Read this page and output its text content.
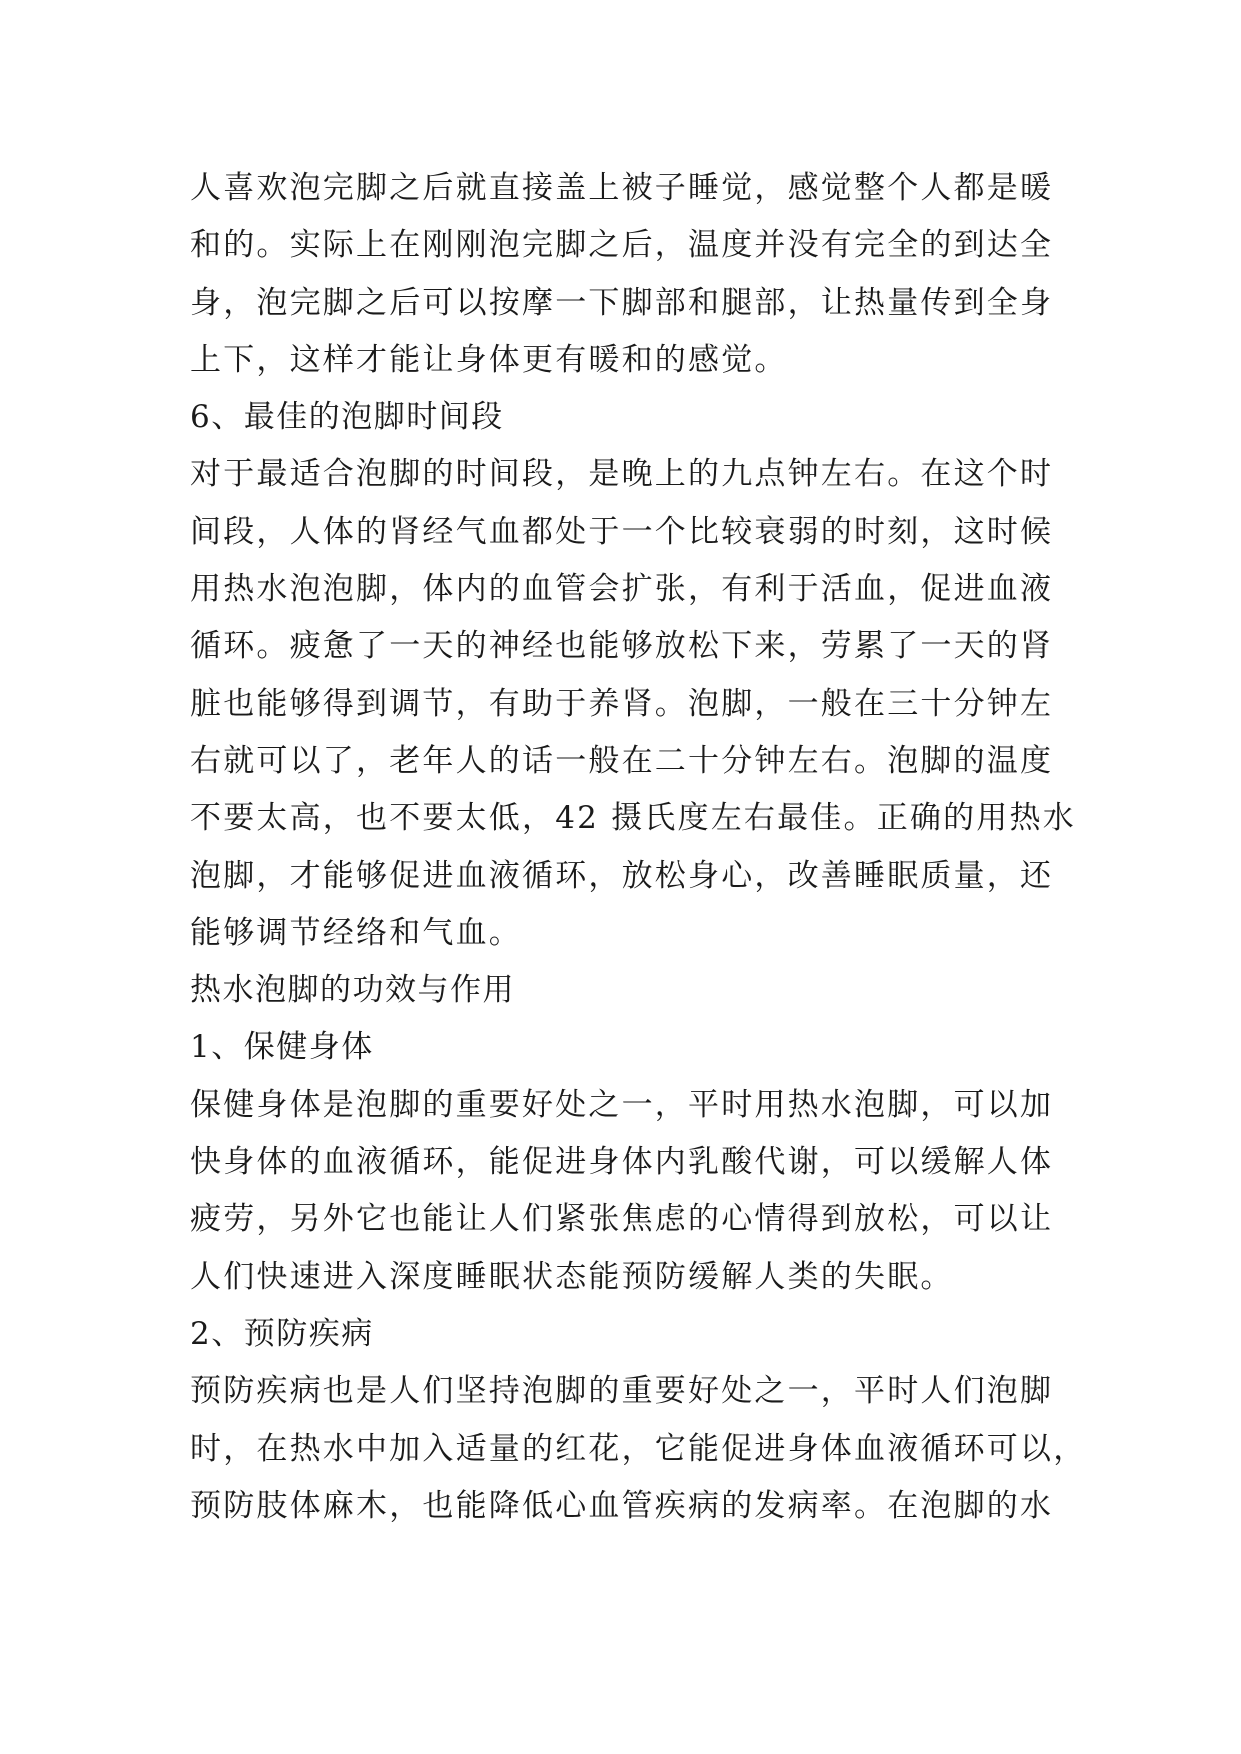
人喜欢泡完脚之后就直接盖上被子睡觉，感觉整个人都是暖
和的。实际上在刚刚泡完脚之后，温度并没有完全的到达全
身，泡完脚之后可以按摩一下脚部和腿部，让热量传到全身
上下，这样才能让身体更有暖和的感觉。
6、最佳的泡脚时间段
对于最适合泡脚的时间段，是晚上的九点钟左右。在这个时
间段，人体的肾经气血都处于一个比较衰弱的时刻，这时候
用热水泡泡脚，体内的血管会扩张，有利于活血，促进血液
循环。疲惫了一天的神经也能够放松下来，劳累了一天的肾
脏也能够得到调节，有助于养肾。泡脚，一般在三十分钟左
右就可以了，老年人的话一般在二十分钟左右。泡脚的温度
不要太高，也不要太低，42 摄氏度左右最佳。正确的用热水
泡脚，才能够促进血液循环，放松身心，改善睡眠质量，还
能够调节经络和气血。
热水泡脚的功效与作用
1、保健身体
保健身体是泡脚的重要好处之一，平时用热水泡脚，可以加
快身体的血液循环，能促进身体内乳酸代谢，可以缓解人体
疲劳，另外它也能让人们紧张焦虑的心情得到放松，可以让
人们快速进入深度睡眠状态能预防缓解人类的失眠。
2、预防疾病
预防疾病也是人们坚持泡脚的重要好处之一，平时人们泡脚
时，在热水中加入适量的红花，它能促进身体血液循环可以，
预防肢体麻木，也能降低心血管疾病的发病率。在泡脚的水
